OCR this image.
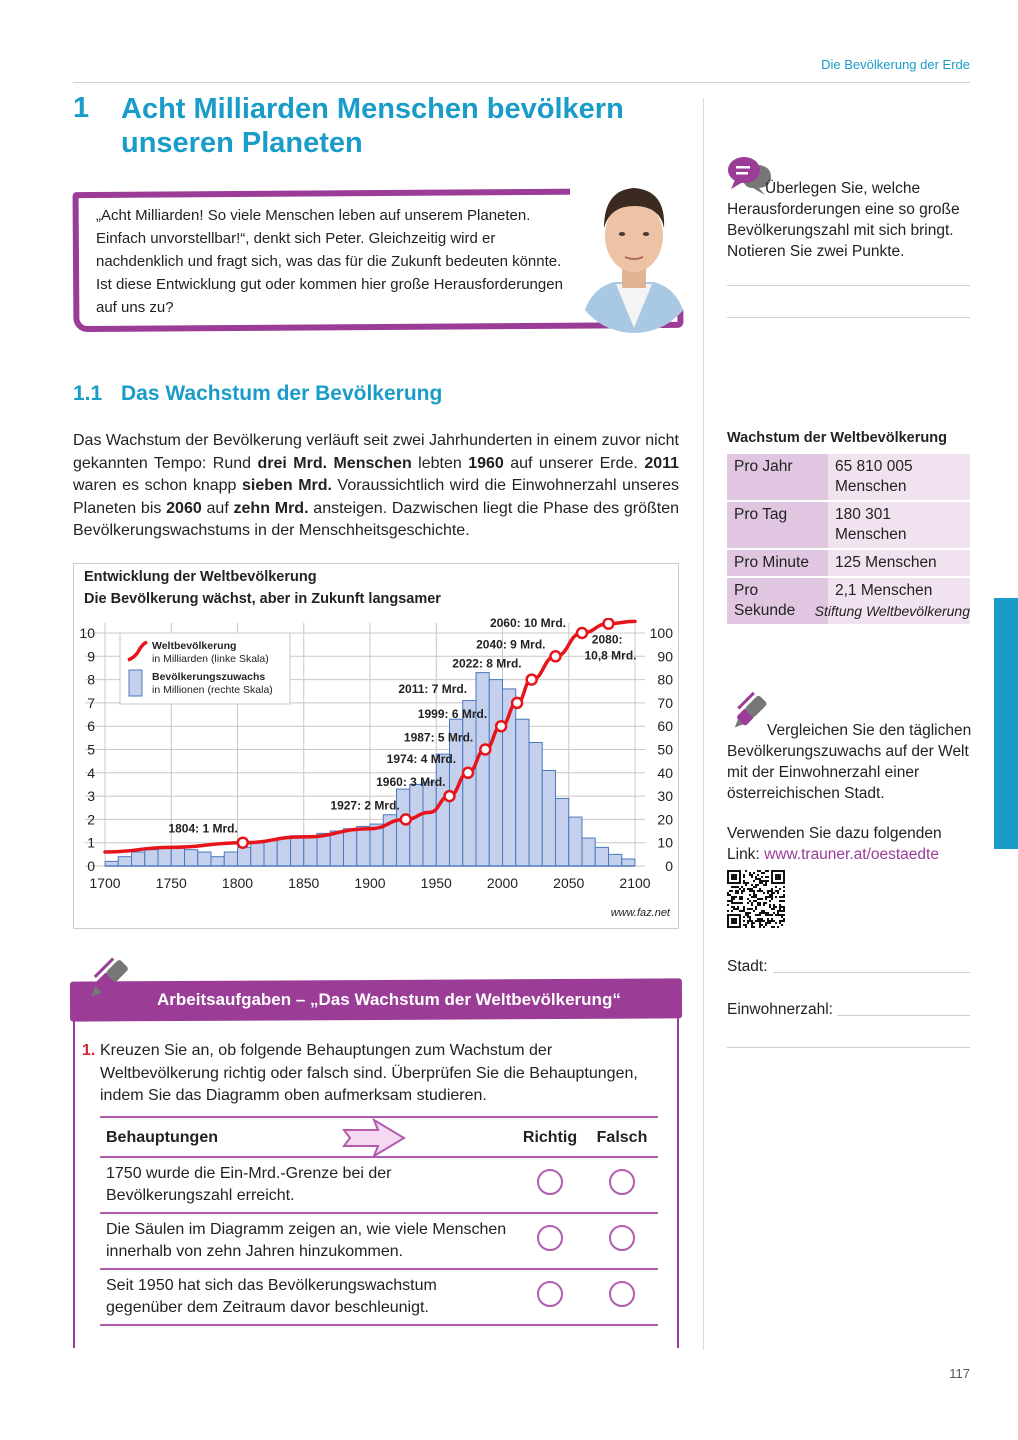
Die Bevölkerung der Erde
1 Acht Milliarden Menschen bevölkern unseren Planeten
„Acht Milliarden! So viele Menschen leben auf unserem Planeten. Einfach unvorstellbar!“, denkt sich Peter. Gleichzeitig wird er nachdenklich und fragt sich, was das für die Zukunft bedeuten könnte. Ist diese Entwicklung gut oder kommen hier große Herausforderungen auf uns zu?
1.1 Das Wachstum der Bevölkerung

Das Wachstum der Bevölkerung verläuft seit zwei Jahrhunderten in einem zuvor nicht gekannten Tempo: Rund drei Mrd. Menschen lebten 1960 auf unserer Erde. 2011 waren es schon knapp sieben Mrd. Voraussichtlich wird die Einwohnerzahl unseres Planeten bis 2060 auf zehn Mrd. ansteigen. Dazwischen liegt die Phase des größten Bevölkerungswachstums in der Menschheitsgeschichte.

Entwicklung der Weltbevölkerung
Die Bevölkerung wächst, aber in Zukunft langsamer
0
1
2
3
4
5
6
7
8
9
10
0
10
20
30
40
50
60
70
80
90
100
1700	1750	1800	1850	1900	1950	2000	2050	2100
1804: 1 Mrd.
1927: 2 Mrd.
1960: 3 Mrd.
1974: 4 Mrd.
1987: 5 Mrd.
1999: 6 Mrd.
2011: 7 Mrd.
2022: 8 Mrd.
2040: 9 Mrd.
2060: 10 Mrd.
2080:
10,8 Mrd.
Weltbevölkerung
in Milliarden (linke Skala)
Bevölkerungszuwachs
in Millionen (rechte Skala)
www.faz.net
Arbeitsaufgaben – „Das Wachstum der Weltbevölkerung“
1. Kreuzen Sie an, ob folgende Behauptungen zum Wachstum der Weltbevölkerung richtig oder falsch sind. Überprüfen Sie die Behauptungen, indem Sie das Diagramm oben aufmerksam studieren.
Behauptungen	Richtig	Falsch
1750 wurde die Ein-Mrd.-Grenze bei der Bevölkerungszahl erreicht.		
Die Säulen im Diagramm zeigen an, wie viele Menschen innerhalb von zehn Jahren hinzukommen.		
Seit 1950 hat sich das Bevölkerungswachstum gegenüber dem Zeitraum davor beschleunigt.		
Überlegen Sie, welche Herausforderungen eine so große Bevölkerungszahl mit sich bringt. Notieren Sie zwei Punkte.
Wachstum der Weltbevölkerung
Pro Jahr	65 810 005 Menschen
Pro Tag	180 301 Menschen
Pro Minute	125 Menschen
Pro Sekunde	2,1 Menschen
Stiftung Weltbevölkerung
Vergleichen Sie den täglichen Bevölkerungszuwachs auf der Welt mit der Einwohnerzahl einer österreichischen Stadt.
Verwenden Sie dazu folgenden Link: www.trauner.at/oestaedte
Stadt:
Einwohnerzahl:
117
